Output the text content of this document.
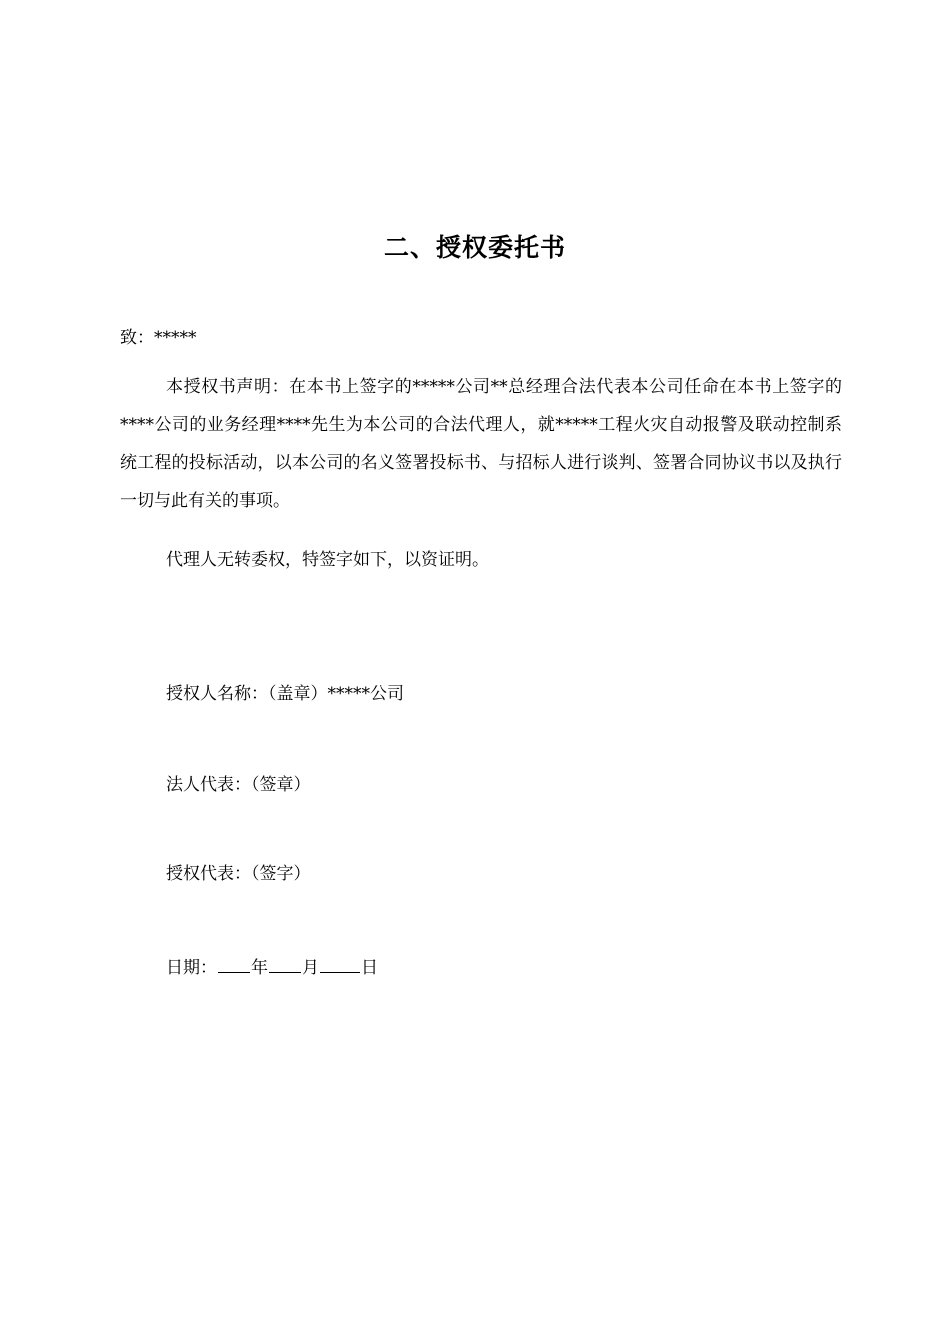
二、授权委托书
致：*****

本授权书声明：在本书上签字的*****公司**总经理合法代表本公司任命在本书上签字的****公司的业务经理****先生为本公司的合法代理人，就*****工程火灾自动报警及联动控制系统工程的投标活动，以本公司的名义签署投标书、与招标人进行谈判、签署合同协议书以及执行一切与此有关的事项。

代理人无转委权，特签字如下，以资证明。
授权人名称：（盖章）*****公司
法人代表：（签章）
授权代表：（签字）
日期： 年 月 日
